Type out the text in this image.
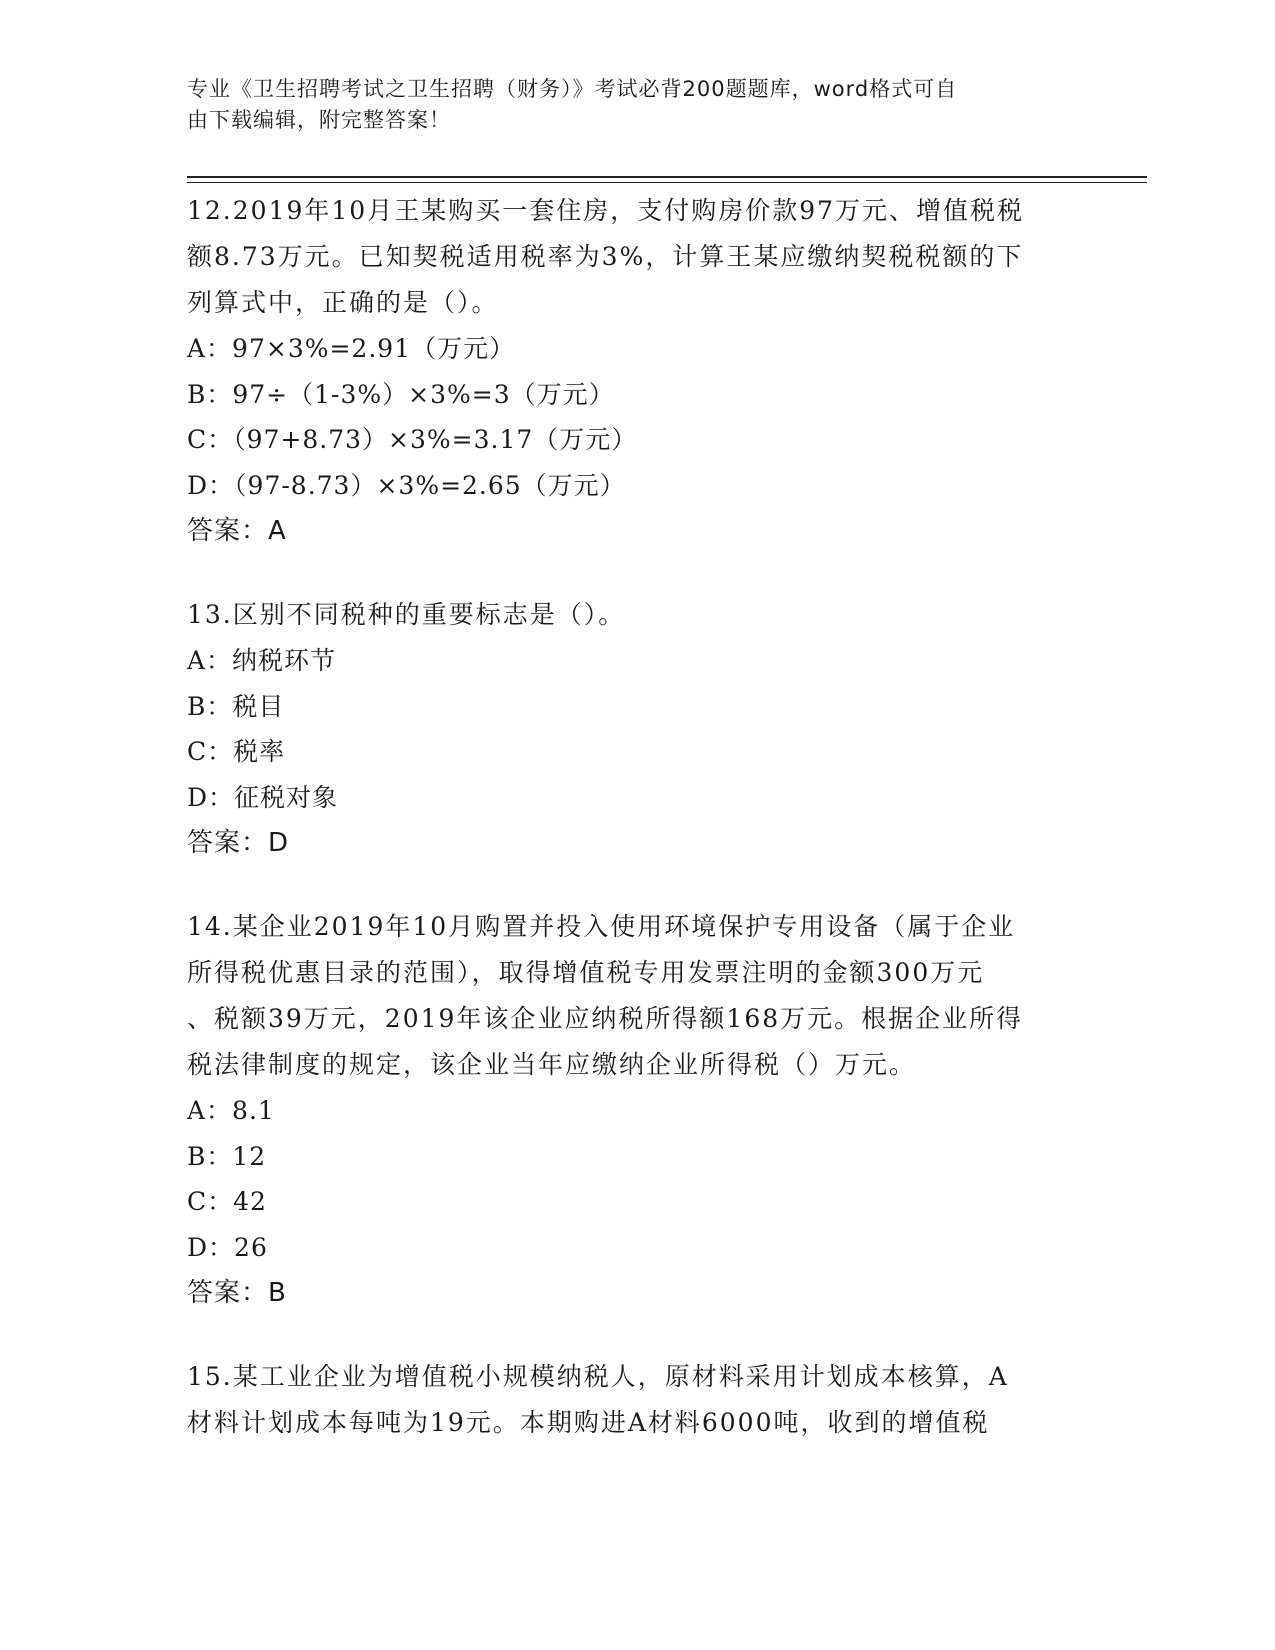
专业《卫生招聘考试之卫生招聘（财务）》考试必背200题题库，word格式可自
由下载编辑，附完整答案！

12.2019年10月王某购买一套住房，支付购房价款97万元、增值税税

额8.73万元。已知契税适用税率为3%，计算王某应缴纳契税税额的下

列算式中，正确的是（）。

A：97×3%=2.91（万元）

B：97÷（1-3%）×3%=3（万元）

C：（97+8.73）×3%=3.17（万元）

D：（97-8.73）×3%=2.65（万元）

答案：A

13.区别不同税种的重要标志是（）。

A：纳税环节

B：税目

C：税率

D：征税对象

答案：D

14.某企业2019年10月购置并投入使用环境保护专用设备（属于企业

所得税优惠目录的范围），取得增值税专用发票注明的金额300万元

、税额39万元，2019年该企业应纳税所得额168万元。根据企业所得

税法律制度的规定，该企业当年应缴纳企业所得税（）万元。

A：8.1

B：12

C：42

D：26

答案：B

15.某工业企业为增值税小规模纳税人，原材料采用计划成本核算，A

材料计划成本每吨为19元。本期购进A材料6000吨，收到的增值税
